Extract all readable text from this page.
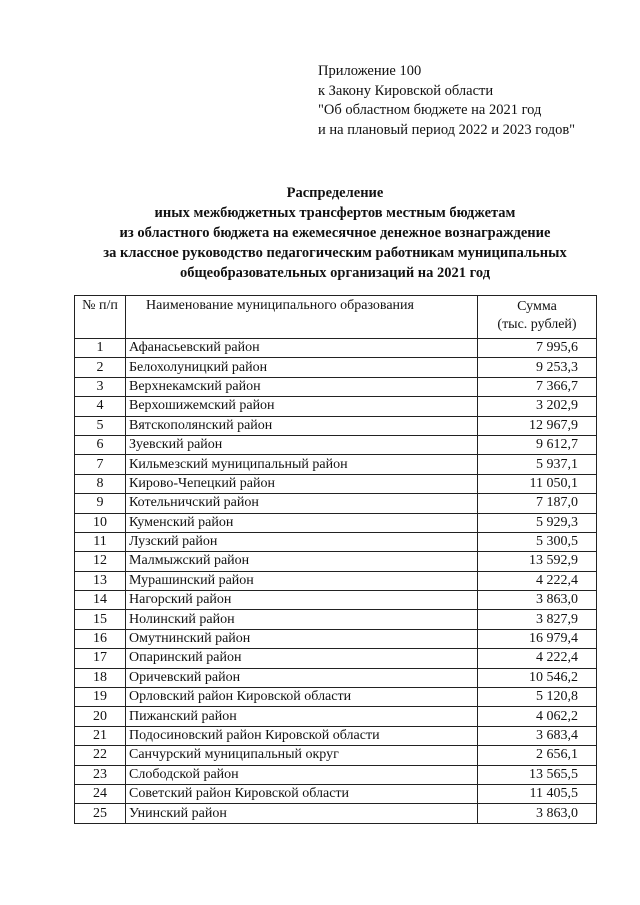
Приложение 100
к Закону Кировской области
"Об областном бюджете на 2021 год
и на плановый период 2022 и 2023 годов"
Распределение
иных межбюджетных трансфертов местным бюджетам
из областного бюджета на ежемесячное денежное вознаграждение
за классное руководство педагогическим работникам муниципальных
общеобразовательных организаций на 2021 год
№ п/п	Наименование муниципального образования	Сумма
(тыс. рублей)

1	Афанасьевский район	7 995,6
2	Белохолуницкий район	9 253,3
3	Верхнекамский район	7 366,7
4	Верхошижемский район	3 202,9
5	Вятскополянский район	12 967,9
6	Зуевский район	9 612,7
7	Кильмезский муниципальный район	5 937,1
8	Кирово-Чепецкий район	11 050,1
9	Котельничский район	7 187,0
10	Куменский район	5 929,3
11	Лузский район	5 300,5
12	Малмыжский район	13 592,9
13	Мурашинский район	4 222,4
14	Нагорский район	3 863,0
15	Нолинский район	3 827,9
16	Омутнинский район	16 979,4
17	Опаринский район	4 222,4
18	Оричевский район	10 546,2
19	Орловский район Кировской области	5 120,8
20	Пижанский район	4 062,2
21	Подосиновский район Кировской области	3 683,4
22	Санчурский муниципальный округ	2 656,1
23	Слободской район	13 565,5
24	Советский район Кировской области	11 405,5
25	Унинский район	3 863,0
